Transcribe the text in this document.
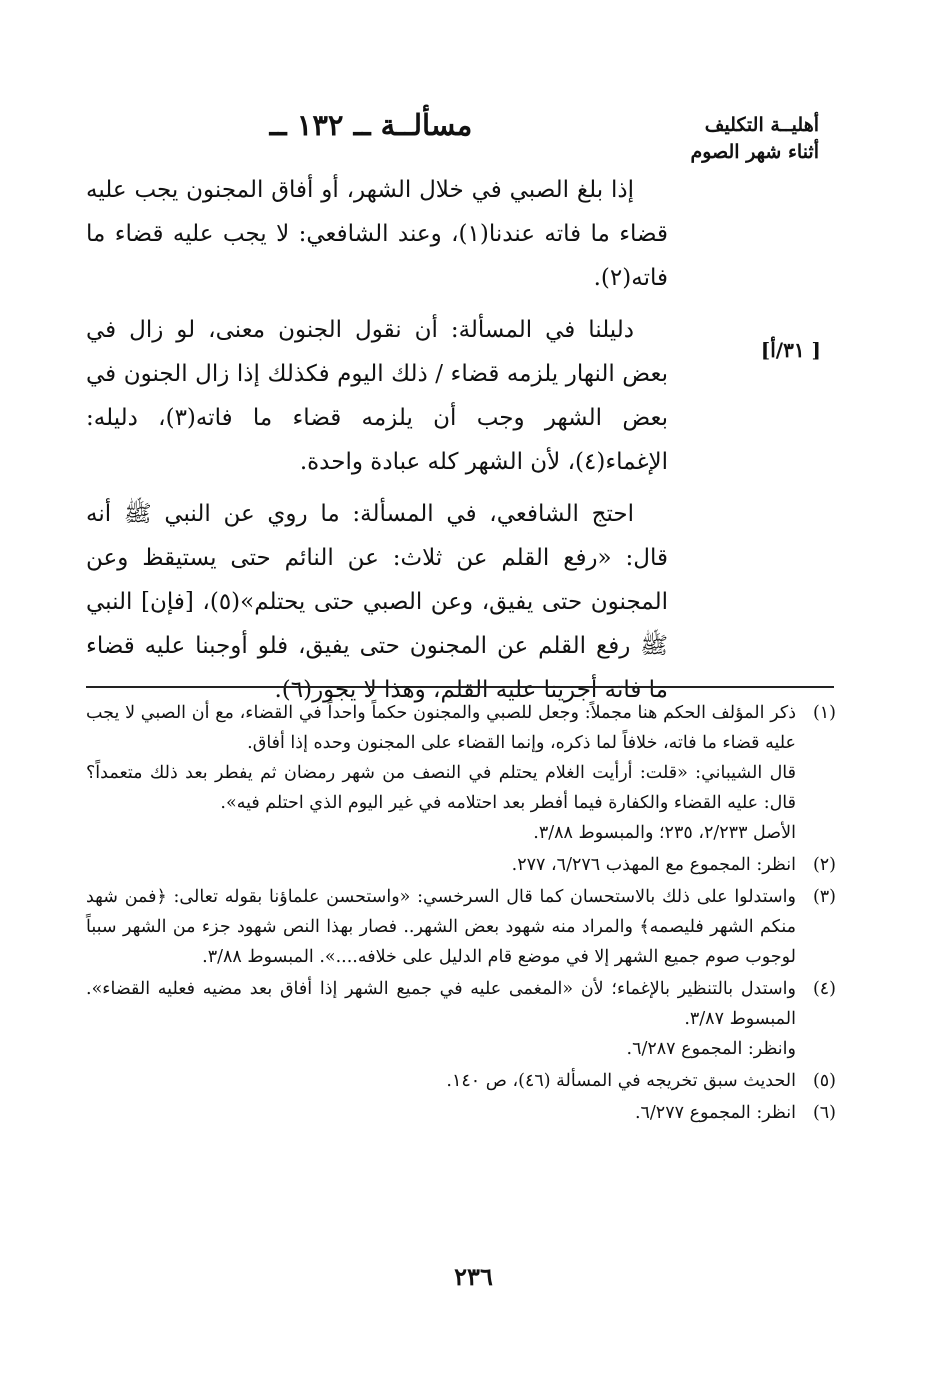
أهليــة التكليف
أثناء شهر الصوم
مسألــة ــ ١٣٢ ــ
[ ٣١/أ]

إذا بلغ الصبي في خلال الشهر، أو أفاق المجنون يجب عليه قضاء ما فاته عندنا(١)، وعند الشافعي: لا يجب عليه قضاء ما فاته(٢).

دليلنا في المسألة: أن نقول الجنون معنى، لو زال في بعض النهار يلزمه قضاء / ذلك اليوم فكذلك إذا زال الجنون في بعض الشهر وجب أن يلزمه قضاء ما فاته(٣)، دليله: الإغماء(٤)، لأن الشهر كله عبادة واحدة.

احتج الشافعي، في المسألة: ما روي عن النبي ﷺ أنه قال: «رفع القلم عن ثلاث: عن النائم حتى يستيقظ وعن المجنون حتى يفيق، وعن الصبي حتى يحتلم»(٥)، [فإن] النبي ﷺ رفع القلم عن المجنون حتى يفيق، فلو أوجبنا عليه قضاء ما فاته أجرينا عليه القلم، وهذا لا يجوز(٦).

(١)
ذكر المؤلف الحكم هنا مجملاً: وجعل للصبي والمجنون حكماً واحداً في القضاء، مع أن الصبي لا يجب عليه قضاء ما فاته، خلافاً لما ذكره، وإنما القضاء على المجنون وحده إذا أفاق.
قال الشيباني: «قلت: أرأيت الغلام يحتلم في النصف من شهر رمضان ثم يفطر بعد ذلك متعمداً؟ قال: عليه القضاء والكفارة فيما أفطر بعد احتلامه في غير اليوم الذي احتلم فيه».
الأصل ٢/٢٣٣، ٢٣٥؛ والمبسوط ٣/٨٨.
(٢)
انظر: المجموع مع المهذب ٦/٢٧٦، ٢٧٧.
(٣)
واستدلوا على ذلك بالاستحسان كما قال السرخسي: «واستحسن علماؤنا بقوله تعالى: ﴿فمن شهد منكم الشهر فليصمه﴾ والمراد منه شهود بعض الشهر.. فصار بهذا النص شهود جزء من الشهر سبباً لوجوب صوم جميع الشهر إلا في موضع قام الدليل على خلافه....». المبسوط ٣/٨٨.
(٤)
واستدل بالتنظير بالإغماء؛ لأن «المغمى عليه في جميع الشهر إذا أفاق بعد مضيه فعليه القضاء». المبسوط ٣/٨٧.
وانظر: المجموع ٦/٢٨٧.
(٥)
الحديث سبق تخريجه في المسألة (٤٦)، ص ١٤٠.
(٦)
انظر: المجموع ٦/٢٧٧.
٢٣٦
